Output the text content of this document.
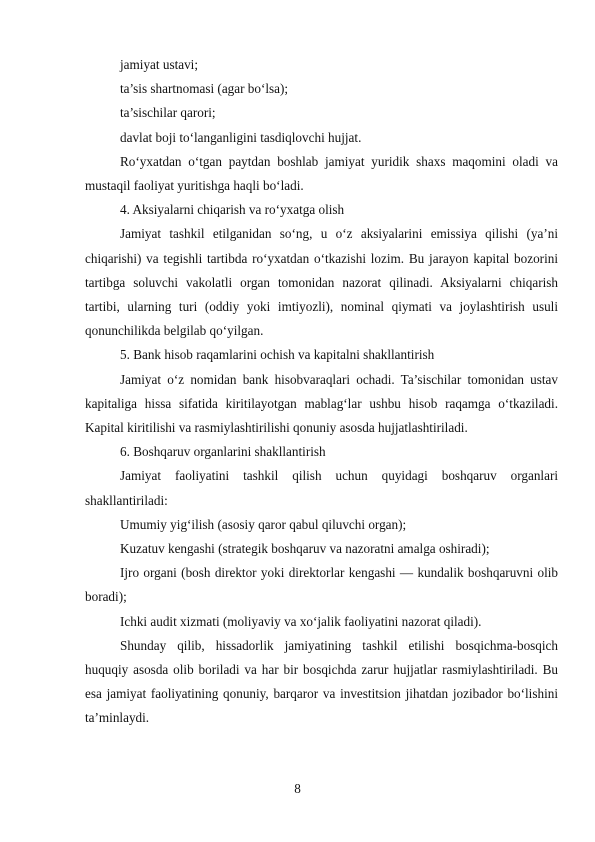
jamiyat ustavi;

ta’sis shartnomasi (agar bo‘lsa);

ta’sischilar qarori;

davlat boji to‘langanligini tasdiqlovchi hujjat.

Ro‘yxatdan o‘tgan paytdan boshlab jamiyat yuridik shaxs maqomini oladi va mustaqil faoliyat yuritishga haqli bo‘ladi.

4. Aksiyalarni chiqarish va ro‘yxatga olish

Jamiyat tashkil etilganidan so‘ng, u o‘z aksiyalarini emissiya qilishi (ya’ni chiqarishi) va tegishli tartibda ro‘yxatdan o‘tkazishi lozim. Bu jarayon kapital bozorini tartibga soluvchi vakolatli organ tomonidan nazorat qilinadi. Aksiyalarni chiqarish tartibi, ularning turi (oddiy yoki imtiyozli), nominal qiymati va joylashtirish usuli qonunchilikda belgilab qo‘yilgan.

5. Bank hisob raqamlarini ochish va kapitalni shakllantirish

Jamiyat o‘z nomidan bank hisobvaraqlari ochadi. Ta’sischilar tomonidan ustav kapitaliga hissa sifatida kiritilayotgan mablag‘lar ushbu hisob raqamga o‘tkaziladi. Kapital kiritilishi va rasmiylashtirilishi qonuniy asosda hujjatlashtiriladi.

6. Boshqaruv organlarini shakllantirish

Jamiyat faoliyatini tashkil qilish uchun quyidagi boshqaruv organlari shakllantiriladi:

Umumiy yig‘ilish (asosiy qaror qabul qiluvchi organ);

Kuzatuv kengashi (strategik boshqaruv va nazoratni amalga oshiradi);

Ijro organi (bosh direktor yoki direktorlar kengashi — kundalik boshqaruvni olib boradi);

Ichki audit xizmati (moliyaviy va xo‘jalik faoliyatini nazorat qiladi).

Shunday qilib, hissadorlik jamiyatining tashkil etilishi bosqichma-bosqich huquqiy asosda olib boriladi va har bir bosqichda zarur hujjatlar rasmiylashtiriladi. Bu esa jamiyat faoliyatining qonuniy, barqaror va investitsion jihatdan jozibador bo‘lishini ta’minlaydi.

8
